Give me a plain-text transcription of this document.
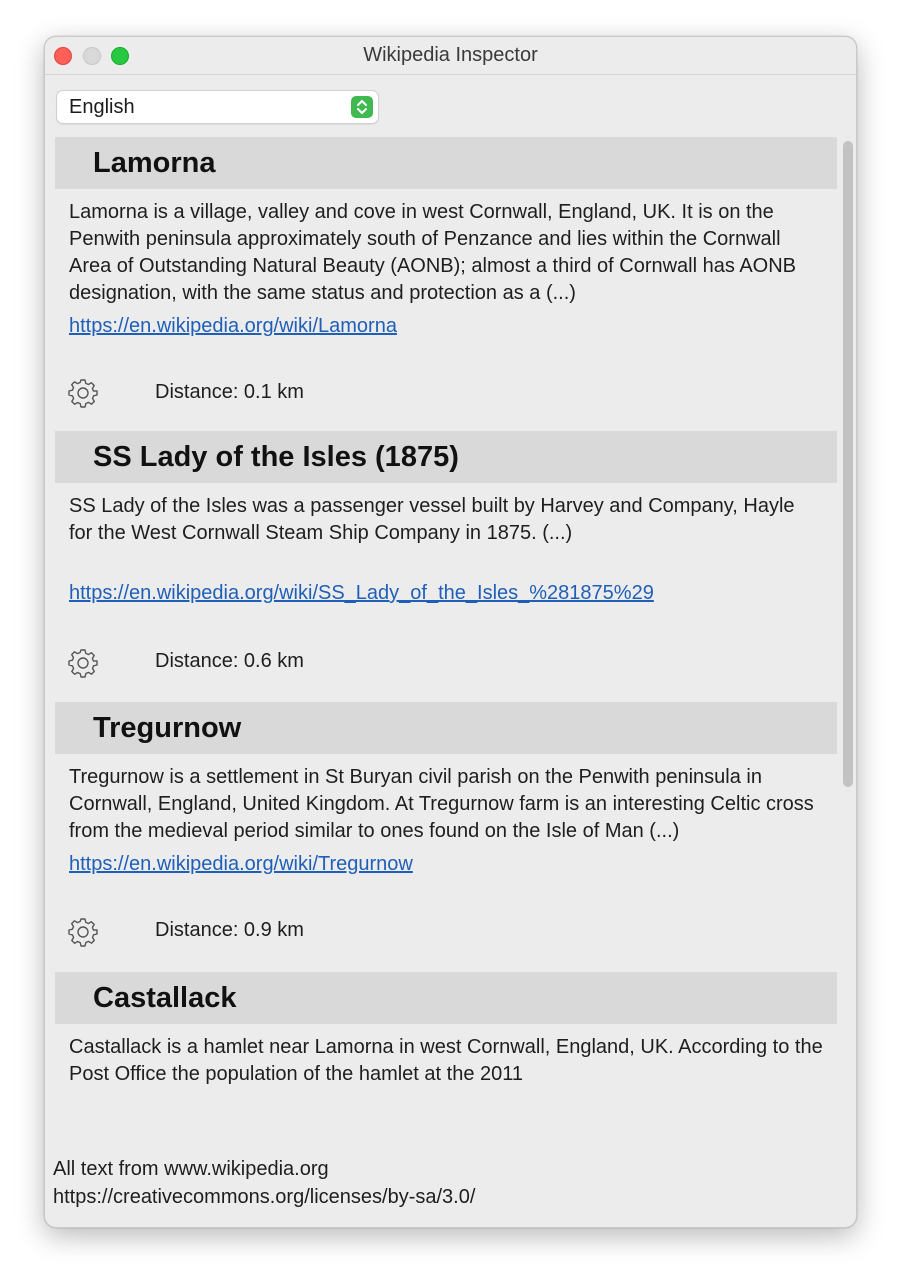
Wikipedia Inspector
English
Lamorna
Lamorna is a village, valley and cove in west Cornwall, England, UK. It is on the Penwith peninsula approximately south of Penzance and lies within the Cornwall Area of Outstanding Natural Beauty (AONB); almost a third of Cornwall has AONB designation, with the same status and protection as a (...)
https://en.wikipedia.org/wiki/Lamorna
Distance: 0.1 km
SS Lady of the Isles (1875)
SS Lady of the Isles was a passenger vessel built by Harvey and Company, Hayle for the West Cornwall Steam Ship Company in 1875. (...)
https://en.wikipedia.org/wiki/SS_Lady_of_the_Isles_%281875%29
Distance: 0.6 km
Tregurnow
Tregurnow is a settlement in St Buryan civil parish on the Penwith peninsula in Cornwall, England, United Kingdom. At Tregurnow farm is an interesting Celtic cross from the medieval period similar to ones found on the Isle of Man (...)
https://en.wikipedia.org/wiki/Tregurnow
Distance: 0.9 km
Castallack
Castallack is a hamlet near Lamorna in west Cornwall, England, UK. According to the Post Office the population of the hamlet at the 2011
All text from www.wikipedia.org
https://creativecommons.org/licenses/by-sa/3.0/
